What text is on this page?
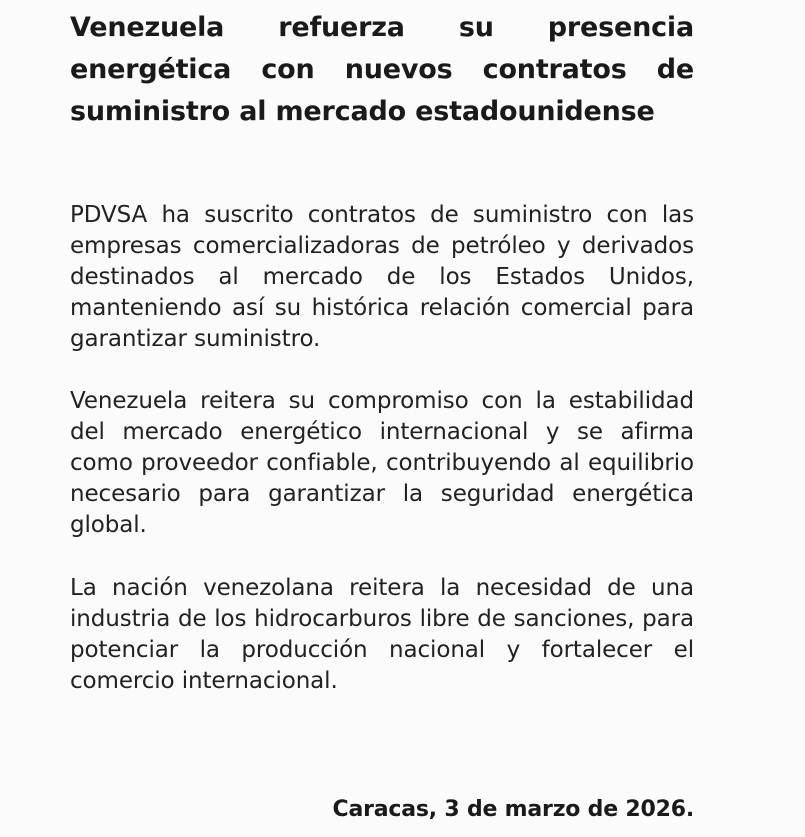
Venezuela refuerza su presencia energética con nuevos contratos de suministro al mercado estadounidense

PDVSA ha suscrito contratos de suministro con las empresas comercializadoras de petróleo y derivados destinados al mercado de los Estados Unidos, manteniendo así su histórica relación comercial para garantizar suministro.

Venezuela reitera su compromiso con la estabilidad del mercado energético internacional y se afirma como proveedor confiable, contribuyendo al equilibrio necesario para garantizar la seguridad energética global.

La nación venezolana reitera la necesidad de una industria de los hidrocarburos libre de sanciones, para potenciar la producción nacional y fortalecer el comercio internacional.

Caracas, 3 de marzo de 2026.
